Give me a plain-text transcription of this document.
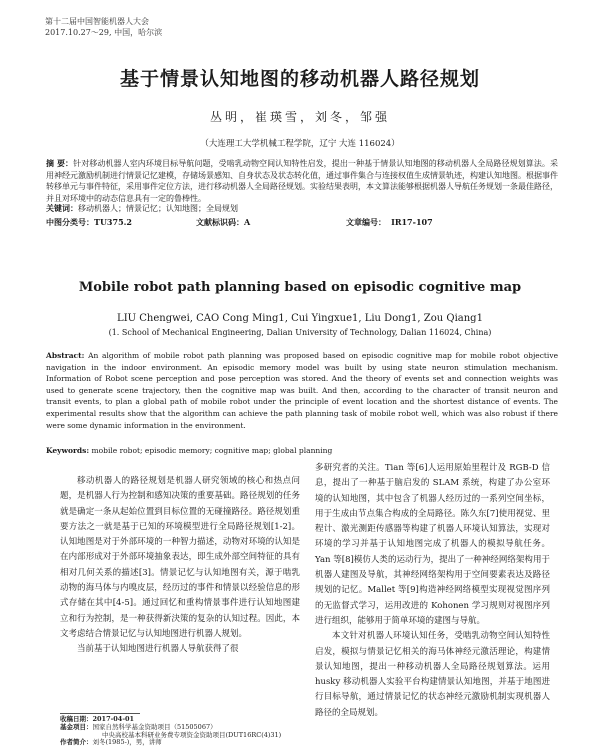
第十二届中国智能机器人大会
2017.10.27～29, 中国，哈尔滨
基于情景认知地图的移动机器人路径规划
丛明，崔瑛雪，刘冬，邹强
（大连理工大学机械工程学院，辽宁 大连 116024）
摘 要：针对移动机器人室内环境目标导航问题，受啮乳动物空间认知特性启发，提出一种基于情景认知地图的移动机器人全局路径规划算法。采用神经元激励机制进行情景记忆建模，存储场景感知、自身状态及状态转化值，通过事件集合与连接权值生成情景轨迹，构建认知地图。根据事件转移单元与事件特征，采用事件定位方法，进行移动机器人全局路径规划。实验结果表明，本文算法能够根据机器人导航任务规划一条最佳路径，并且对环境中的动态信息具有一定的鲁棒性。
关键词：移动机器人；情景记忆；认知地图；全局规划
中图分类号：TU375.2	文献标识码：A	文章编号： IR17-107
Mobile robot path planning based on episodic cognitive map
LIU Chengwei, CAO Cong Ming1, Cui Yingxue1, Liu Dong1, Zou Qiang1
(1. School of Mechanical Engineering, Dalian University of Technology, Dalian 116024, China)
Abstract: An algorithm of mobile robot path planning was proposed based on episodic cognitive map for mobile robot objective navigation in the indoor environment. An episodic memory model was built by using state neuron stimulation mechanism. Information of Robot scene perception and pose perception was stored. And the theory of events set and connection weights was used to generate scene trajectory, then the cognitive map was built. And then, according to the character of transit neuron and transit events, to plan a global path of mobile robot under the principle of event location and the shortest distance of events. The experimental results show that the algorithm can achieve the path planning task of mobile robot well, which was also robust if there were some dynamic information in the environment.
Keywords: mobile robot; episodic memory; cognitive map; global planning

移动机器人的路径规划是机器人研究领域的核心和热点问题，是机器人行为控制和感知决策的重要基础。路径规划的任务就是确定一条从起始位置到目标位置的无碰撞路径。路径规划重要方法之一就是基于已知的环境模型进行全局路径规划[1-2]。认知地图是对于外部环境的一种智力描述，动物对环境的认知是在内部形成对于外部环境抽象表达，即生成外部空间特征的具有相对几何关系的描述[3]。情景记忆与认知地图有关，源于啮乳动物的海马体与内嗅皮层，经历过的事件和情景以经验信息的形式存储在其中[4-5]。通过回忆和重构情景事件进行认知地图建立和行为控制，是一种获得新決策的复杂的认知过程。因此，本文考虑结合情景记忆与认知地图进行机器人规划。

当前基于认知地图进行机器人导航获得了很

多研究者的关注。Tian 等[6]人运用原始里程计及 RGB-D 信息，提出了一种基于脑启发的 SLAM 系统，构建了办公室环境的认知地图，其中包含了机器人经历过的一系列空间坐标，用于生成由节点集合构成的全局路径。陈久东[7]使用视觉、里程计、激光测距传感器等构建了机器人环境认知算法，实现对环境的学习并基于认知地图完成了机器人的模拟导航任务。Yan 等[8]模仿人类的运动行为，提出了一种神经网络架构用于机器人建图及导航，其神经网络架构用于空间要素表达及路径规划的记忆。Mallet 等[9]构造神经网络模型实现视觉图序列的无监督式学习，运用改进的 Kohonen 学习规则对视图序列进行组织，能够用于简单环境的建图与导航。

本文针对机器人环境认知任务，受啮乳动物空间认知特性启发，模拟与情景记忆相关的海马体神经元激活理论，构建情景认知地图，提出一种移动机器人全局路径规划算法。运用 husky 移动机器人实验平台构建情景认知地图，并基于地图进行目标导航，通过情景记忆的状态神经元激励机制实现机器人路径的全局规划。

收稿日期：2017-04-01
基金项目：国家自然科学基金资助项目（51505067）
中央高校基本科研业务费专项资金资助项目(DUT16RC(4)31)
作者简介：刘冬(1985-)，男，讲师
